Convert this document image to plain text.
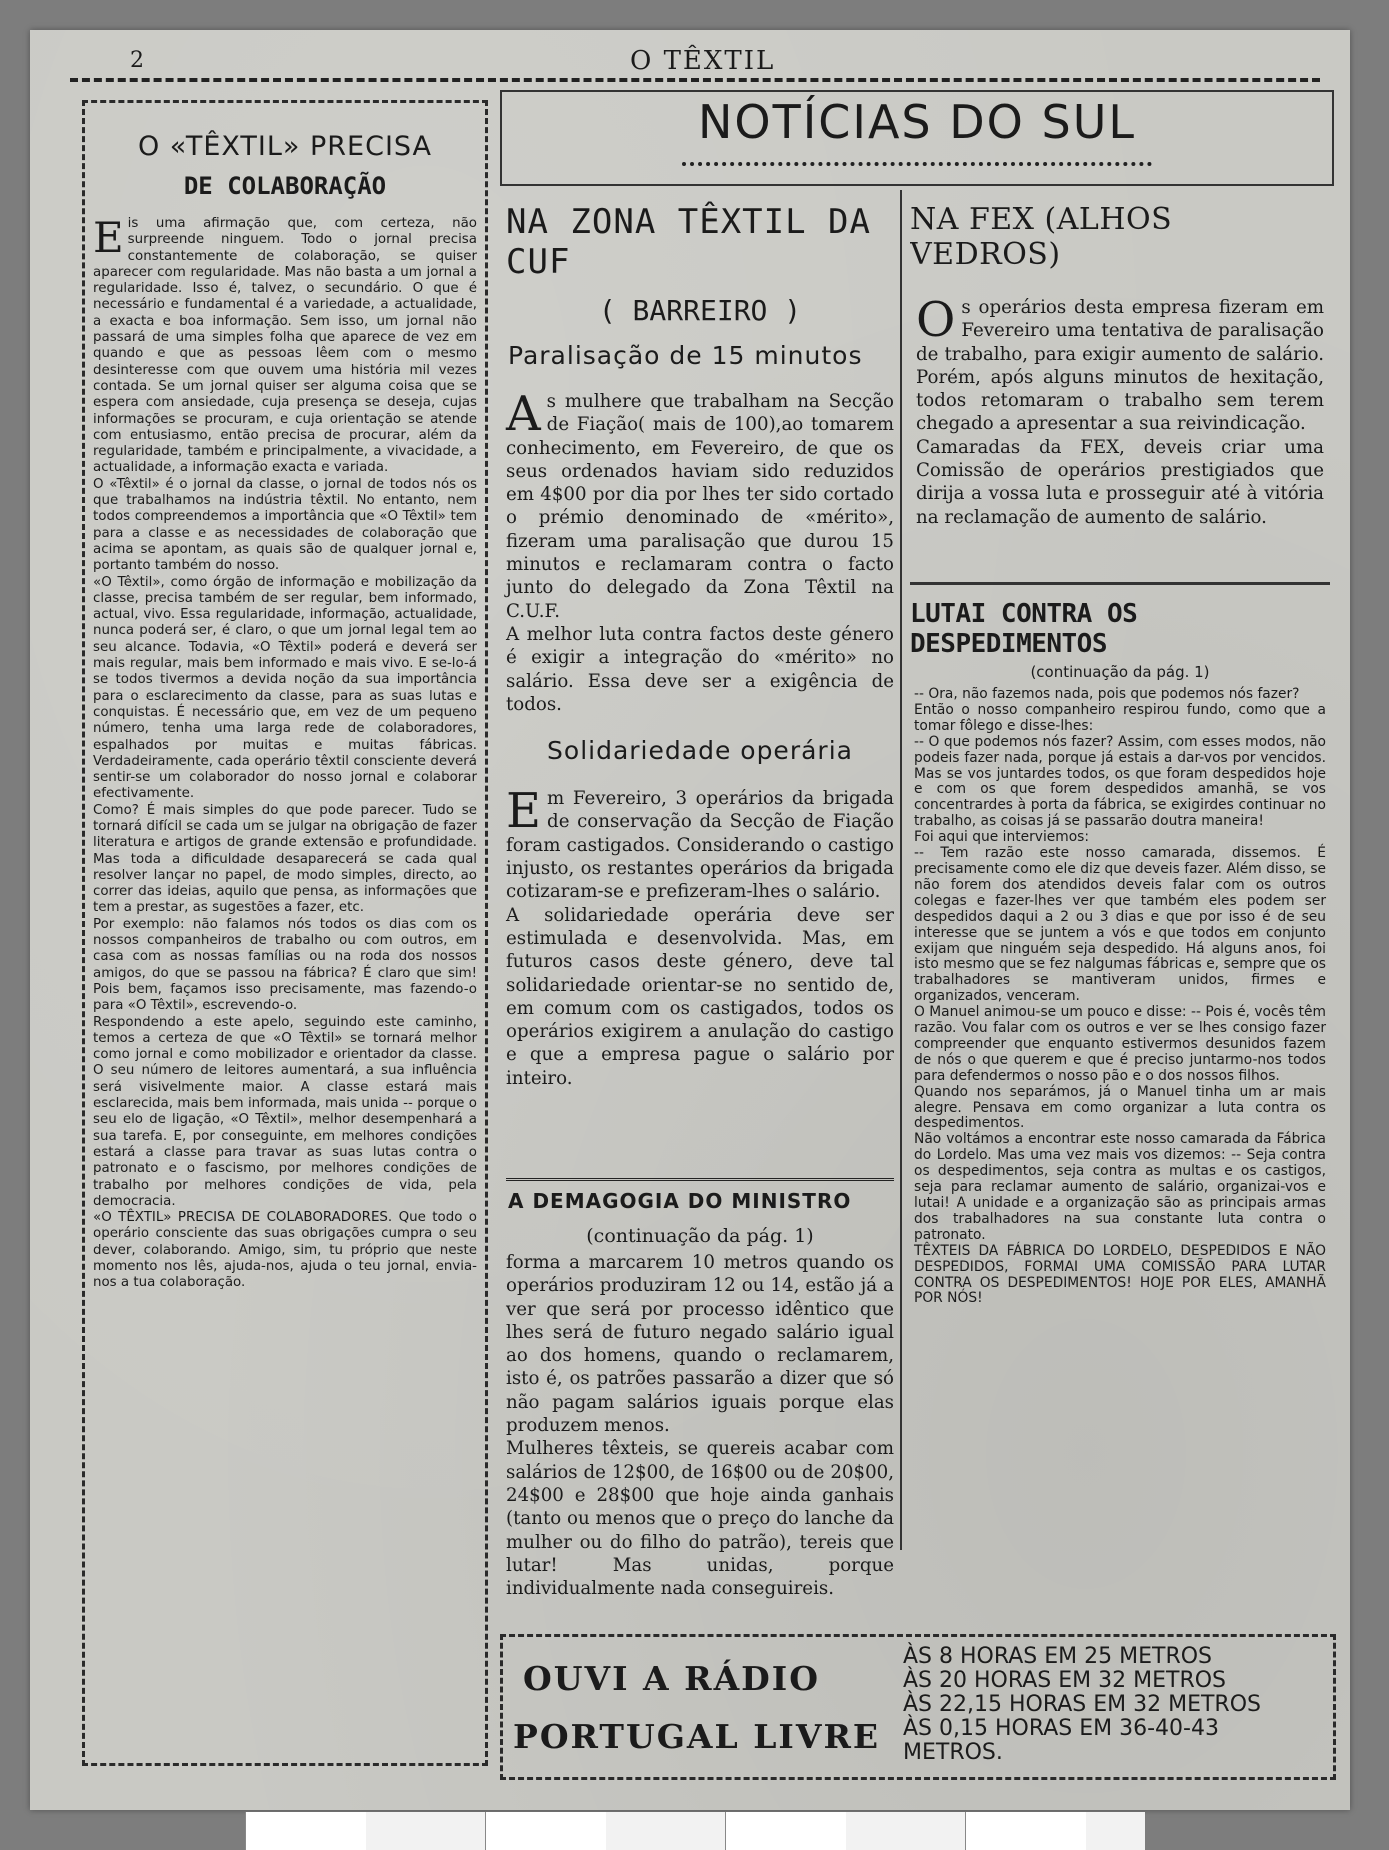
2	O TÊXTIL
O «TÊXTIL» PRECISA
DE COLABORAÇÃO

Eis uma afirmação que, com certeza, não surpreende ninguem. Todo o jornal precisa constantemente de colaboração, se quiser aparecer com regularidade. Mas não basta a um jornal a regularidade. Isso é, talvez, o secundário. O que é necessário e fundamental é a variedade, a actualidade, a exacta e boa informação. Sem isso, um jornal não passará de uma simples folha que aparece de vez em quando e que as pessoas lêem com o mesmo desinteresse com que ouvem uma história mil vezes contada. Se um jornal quiser ser alguma coisa que se espera com ansiedade, cuja presença se deseja, cujas informações se procuram, e cuja orientação se atende com entusiasmo, então precisa de procurar, além da regularidade, também e principalmente, a vivacidade, a actualidade, a informação exacta e variada.

O «Têxtil» é o jornal da classe, o jornal de todos nós os que trabalhamos na indústria têxtil. No entanto, nem todos compreendemos a importância que «O Têxtil» tem para a classe e as necessidades de colaboração que acima se apontam, as quais são de qualquer jornal e, portanto também do nosso.

«O Têxtil», como órgão de informação e mobilização da classe, precisa também de ser regular, bem informado, actual, vivo. Essa regularidade, informação, actualidade, nunca poderá ser, é claro, o que um jornal legal tem ao seu alcance. Todavia, «O Têxtil» poderá e deverá ser mais regular, mais bem informado e mais vivo. E se-lo-á se todos tivermos a devida noção da sua importância para o esclarecimento da classe, para as suas lutas e conquistas. É necessário que, em vez de um pequeno número, tenha uma larga rede de colaboradores, espalhados por muitas e muitas fábricas. Verdadeiramente, cada operário têxtil consciente deverá sentir-se um colaborador do nosso jornal e colaborar efectivamente.

Como? É mais simples do que pode parecer. Tudo se tornará difícil se cada um se julgar na obrigação de fazer literatura e artigos de grande extensão e profundidade. Mas toda a dificuldade desaparecerá se cada qual resolver lançar no papel, de modo simples, directo, ao correr das ideias, aquilo que pensa, as informações que tem a prestar, as sugestões a fazer, etc.

Por exemplo: não falamos nós todos os dias com os nossos companheiros de trabalho ou com outros, em casa com as nossas famílias ou na roda dos nossos amigos, do que se passou na fábrica? É claro que sim! Pois bem, façamos isso precisamente, mas fazendo-o para «O Têxtil», escrevendo-o.

Respondendo a este apelo, seguindo este caminho, temos a certeza de que «O Têxtil» se tornará melhor como jornal e como mobilizador e orientador da classe. O seu número de leitores aumentará, a sua influência será visivelmente maior. A classe estará mais esclarecida, mais bem informada, mais unida -- porque o seu elo de ligação, «O Têxtil», melhor desempenhará a sua tarefa. E, por conseguinte, em melhores condições estará a classe para travar as suas lutas contra o patronato e o fascismo, por melhores condições de trabalho por melhores condições de vida, pela democracia.

«O TÊXTIL» PRECISA DE COLABORADORES. Que todo o operário consciente das suas obrigações cumpra o seu dever, colaborando. Amigo, sim, tu próprio que neste momento nos lês, ajuda-nos, ajuda o teu jornal, envia-nos a tua colaboração.

NOTÍCIAS DO SUL
NA ZONA TÊXTIL DA CUF
( BARREIRO )
Paralisação de 15 minutos

As mulhere que trabalham na Secção de Fiação( mais de 100),ao tomarem conhecimento, em Fevereiro, de que os seus ordenados haviam sido reduzidos em 4$00 por dia por lhes ter sido cortado o prémio denominado de «mérito», fizeram uma paralisação que durou 15 minutos e reclamaram contra o facto junto do delegado da Zona Têxtil na C.U.F.

A melhor luta contra factos deste género é exigir a integração do «mérito» no salário. Essa deve ser a exigência de todos.

Solidariedade operária

Em Fevereiro, 3 operários da brigada de conservação da Secção de Fiação foram castigados. Considerando o castigo injusto, os restantes operários da brigada cotizaram-se e prefizeram-lhes o salário.

A solidariedade operária deve ser estimulada e desenvolvida. Mas, em futuros casos deste género, deve tal solidariedade orientar-se no sentido de, em comum com os castigados, todos os operários exigirem a anulação do castigo e que a empresa pague o salário por inteiro.

A DEMAGOGIA DO MINISTRO
(continuação da pág. 1)

forma a marcarem 10 metros quando os operários produziram 12 ou 14, estão já a ver que será por processo idêntico que lhes será de futuro negado salário igual ao dos homens, quando o reclamarem, isto é, os patrões passarão a dizer que só não pagam salários iguais porque elas produzem menos.

Mulheres têxteis, se quereis acabar com salários de 12$00, de 16$00 ou de 20$00, 24$00 e 28$00 que hoje ainda ganhais (tanto ou menos que o preço do lanche da mulher ou do filho do patrão), tereis que lutar! Mas unidas, porque individualmente nada conseguireis.

NA FEX (ALHOS VEDROS)

Os operários desta empresa fizeram em Fevereiro uma tentativa de paralisação de trabalho, para exigir aumento de salário. Porém, após alguns minutos de hexitação, todos retomaram o trabalho sem terem chegado a apresentar a sua reivindicação.

Camaradas da FEX, deveis criar uma Comissão de operários prestigiados que dirija a vossa luta e prosseguir até à vitória na reclamação de aumento de salário.

LUTAI CONTRA OS DESPEDIMENTOS
(continuação da pág. 1)

-- Ora, não fazemos nada, pois que podemos nós fazer?

Então o nosso companheiro respirou fundo, como que a tomar fôlego e disse-lhes:

-- O que podemos nós fazer? Assim, com esses modos, não podeis fazer nada, porque já estais a dar-vos por vencidos. Mas se vos juntardes todos, os que foram despedidos hoje e com os que forem despedidos amanhã, se vos concentrardes à porta da fábrica, se exigirdes continuar no trabalho, as coisas já se passarão doutra maneira!

Foi aqui que interviemos:

-- Tem razão este nosso camarada, dissemos. É precisamente como ele diz que deveis fazer. Além disso, se não forem dos atendidos deveis falar com os outros colegas e fazer-lhes ver que também eles podem ser despedidos daqui a 2 ou 3 dias e que por isso é de seu interesse que se juntem a vós e que todos em conjunto exijam que ninguém seja despedido. Há alguns anos, foi isto mesmo que se fez nalgumas fábricas e, sempre que os trabalhadores se mantiveram unidos, firmes e organizados, venceram.

O Manuel animou-se um pouco e disse: -- Pois é, vocês têm razão. Vou falar com os outros e ver se lhes consigo fazer compreender que enquanto estivermos desunidos fazem de nós o que querem e que é preciso juntarmo-nos todos para defendermos o nosso pão e o dos nossos filhos.

Quando nos separámos, já o Manuel tinha um ar mais alegre. Pensava em como organizar a luta contra os despedimentos.

Não voltámos a encontrar este nosso camarada da Fábrica do Lordelo. Mas uma vez mais vos dizemos: -- Seja contra os despedimentos, seja contra as multas e os castigos, seja para reclamar aumento de salário, organizai-vos e lutai! A unidade e a organização são as principais armas dos trabalhadores na sua constante luta contra o patronato.

TÊXTEIS DA FÁBRICA DO LORDELO, DESPEDIDOS E NÃO DESPEDIDOS, FORMAI UMA COMISSÃO PARA LUTAR CONTRA OS DESPEDIMENTOS! HOJE POR ELES, AMANHÃ POR NÓS!

OUVI A RÁDIO
PORTUGAL LIVRE
ÀS 8 HORAS EM 25 METROS
ÀS 20 HORAS EM 32 METROS
ÀS 22,15 HORAS EM 32 METROS
ÀS 0,15 HORAS EM 36-40-43 METROS.
